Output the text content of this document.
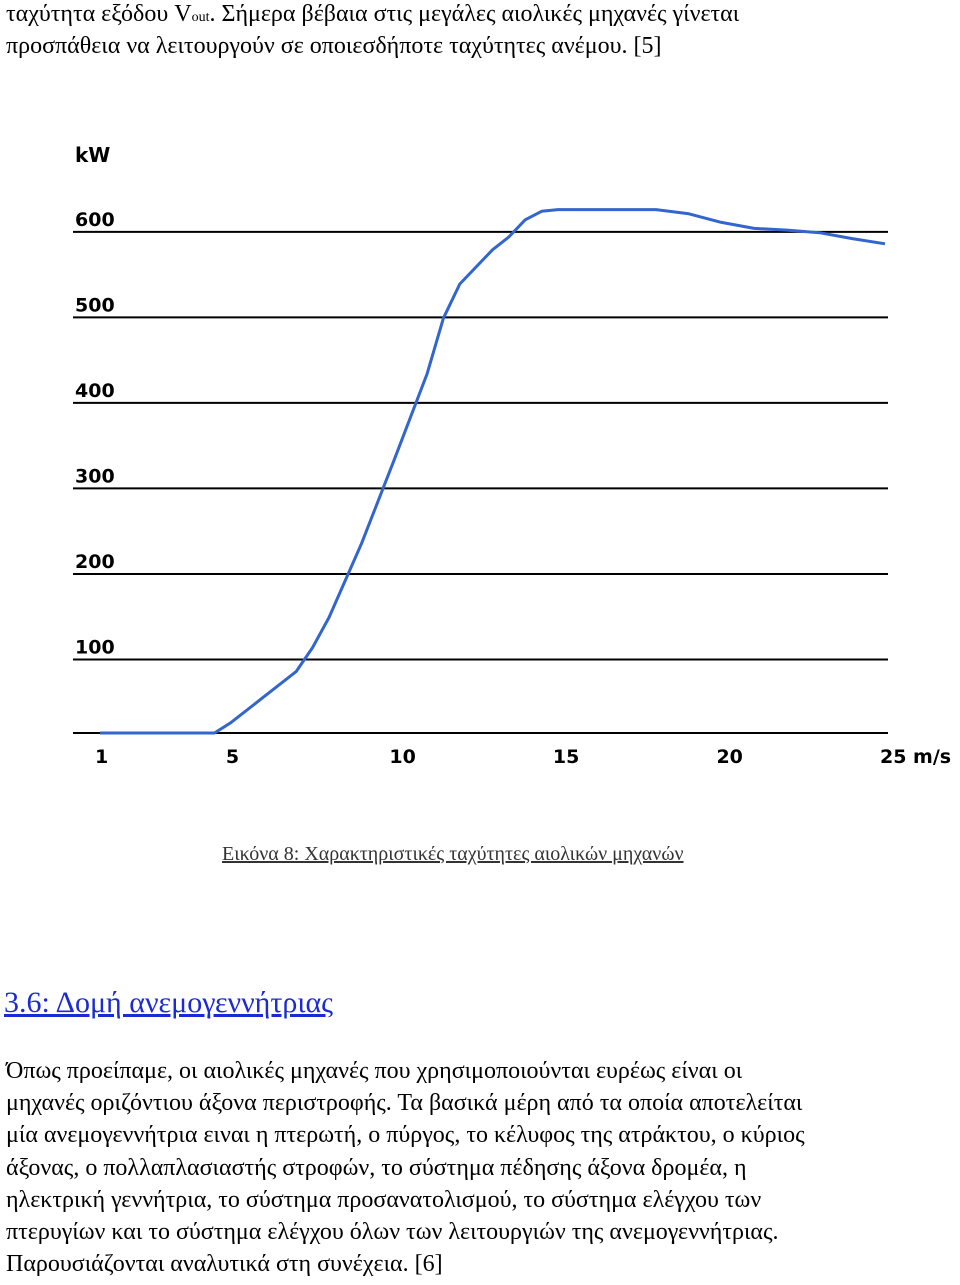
ταχύτητα εξόδου Vout. Σήμερα βέβαια στις μεγάλες αιολικές μηχανές γίνεται
προσπάθεια να λειτουργούν σε οποιεσδήποτε ταχύτητες ανέμου. [5]
kW
600
500
400
300
200
100
1	5	10	15	20	25 m/s
Εικόνα 8: Χαρακτηριστικές ταχύτητες αιολικών μηχανών
3.6: Δομή ανεμογεννήτριας
Όπως προείπαμε, οι αιολικές μηχανές που χρησιμοποιούνται ευρέως είναι οι
μηχανές οριζόντιου άξονα περιστροφής. Τα βασικά μέρη από τα οποία αποτελείται
μία ανεμογεννήτρια ειναι η πτερωτή, ο πύργος, το κέλυφος της ατράκτου, ο κύριος
άξονας, ο πολλαπλασιαστής στροφών, το σύστημα πέδησης άξονα δρομέα, η
ηλεκτρική γεννήτρια, το σύστημα προσανατολισμού, το σύστημα ελέγχου των
πτερυγίων και το σύστημα ελέγχου όλων των λειτουργιών της ανεμογεννήτριας.
Παρουσιάζονται αναλυτικά στη συνέχεια. [6]
